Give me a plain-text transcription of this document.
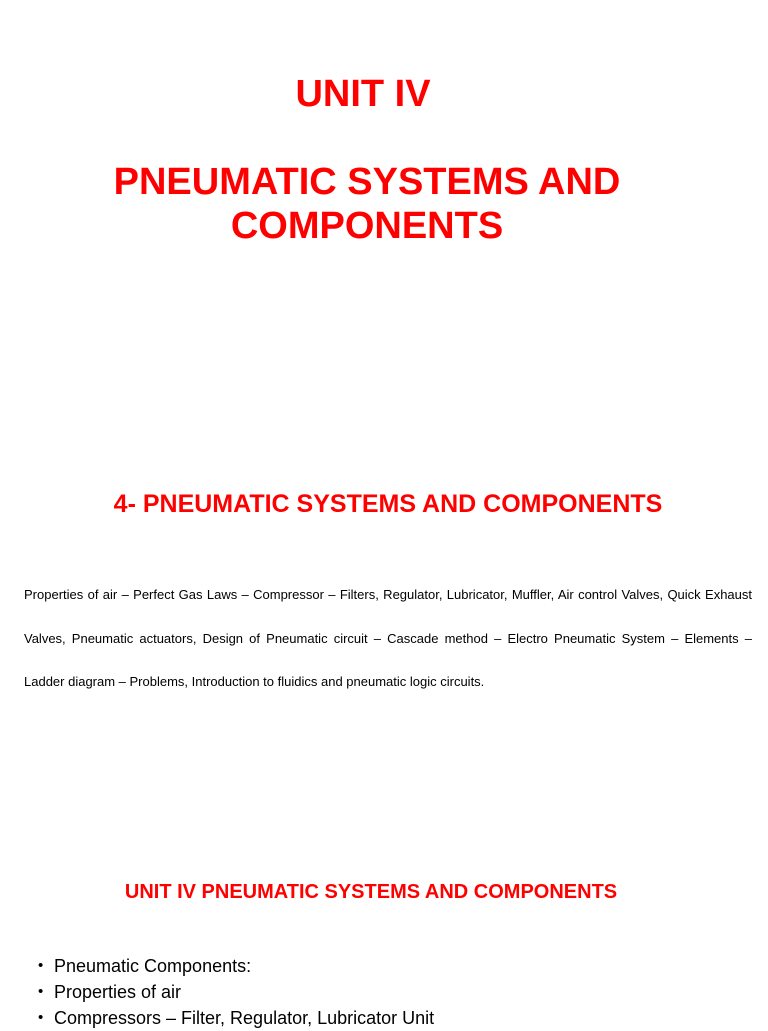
UNIT IV
PNEUMATIC SYSTEMS AND
COMPONENTS
4- PNEUMATIC SYSTEMS AND COMPONENTS
Properties of air – Perfect Gas Laws – Compressor – Filters, Regulator, Lubricator, Muffler, Air control Valves, Quick Exhaust Valves, Pneumatic actuators, Design of Pneumatic circuit – Cascade method – Electro Pneumatic System – Elements – Ladder diagram – Problems, Introduction to fluidics and pneumatic logic circuits.
UNIT IV PNEUMATIC SYSTEMS AND COMPONENTS
• Pneumatic Components:
• Properties of air
• Compressors – Filter, Regulator, Lubricator Unit
